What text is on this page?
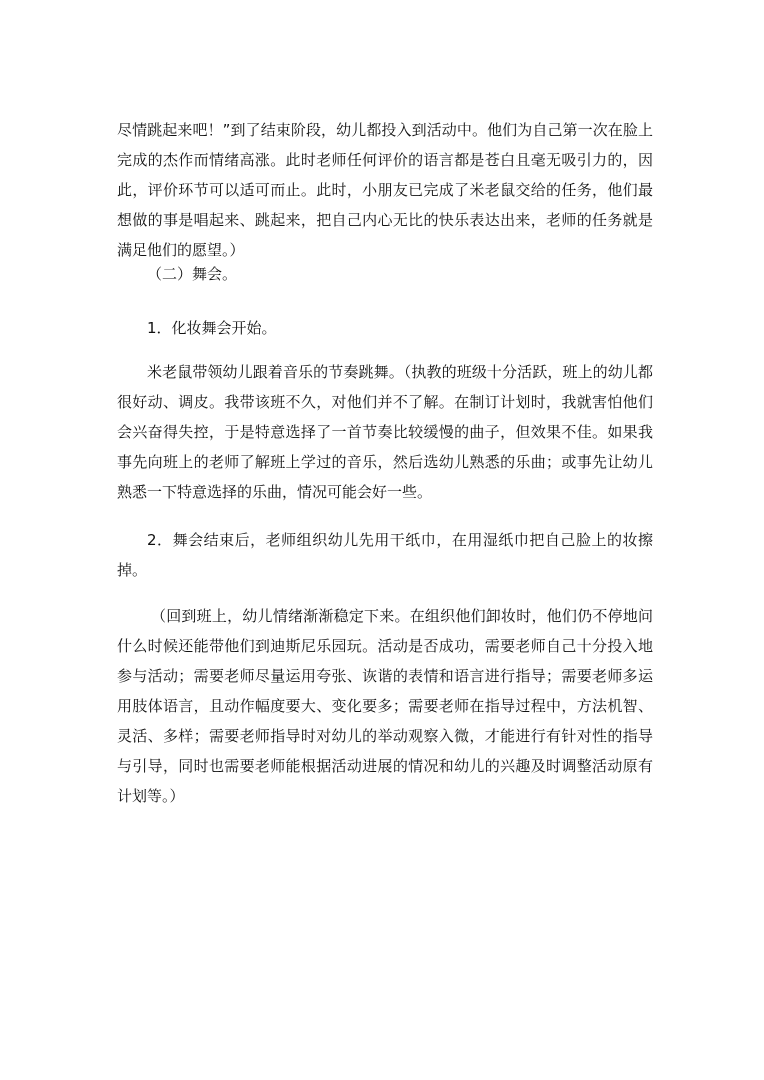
尽情跳起来吧！”到了结束阶段，幼儿都投入到活动中。他们为自己第一次在脸上完成的杰作而情绪高涨。此时老师任何评价的语言都是苍白且毫无吸引力的，因此，评价环节可以适可而止。此时，小朋友已完成了米老鼠交给的任务，他们最想做的事是唱起来、跳起来，把自己内心无比的快乐表达出来，老师的任务就是满足他们的愿望。）

（二）舞会。

1．化妆舞会开始。

米老鼠带领幼儿跟着音乐的节奏跳舞。（执教的班级十分活跃，班上的幼儿都很好动、调皮。我带该班不久，对他们并不了解。在制订计划时，我就害怕他们会兴奋得失控，于是特意选择了一首节奏比较缓慢的曲子，但效果不佳。如果我事先向班上的老师了解班上学过的音乐，然后选幼儿熟悉的乐曲；或事先让幼儿熟悉一下特意选择的乐曲，情况可能会好一些。

2．舞会结束后，老师组织幼儿先用干纸巾，在用湿纸巾把自己脸上的妆擦掉。

（回到班上，幼儿情绪渐渐稳定下来。在组织他们卸妆时，他们仍不停地问什么时候还能带他们到迪斯尼乐园玩。活动是否成功，需要老师自己十分投入地参与活动；需要老师尽量运用夸张、诙谐的表情和语言进行指导；需要老师多运用肢体语言，且动作幅度要大、变化要多；需要老师在指导过程中，方法机智、灵活、多样；需要老师指导时对幼儿的举动观察入微，才能进行有针对性的指导与引导，同时也需要老师能根据活动进展的情况和幼儿的兴趣及时调整活动原有计划等。）
